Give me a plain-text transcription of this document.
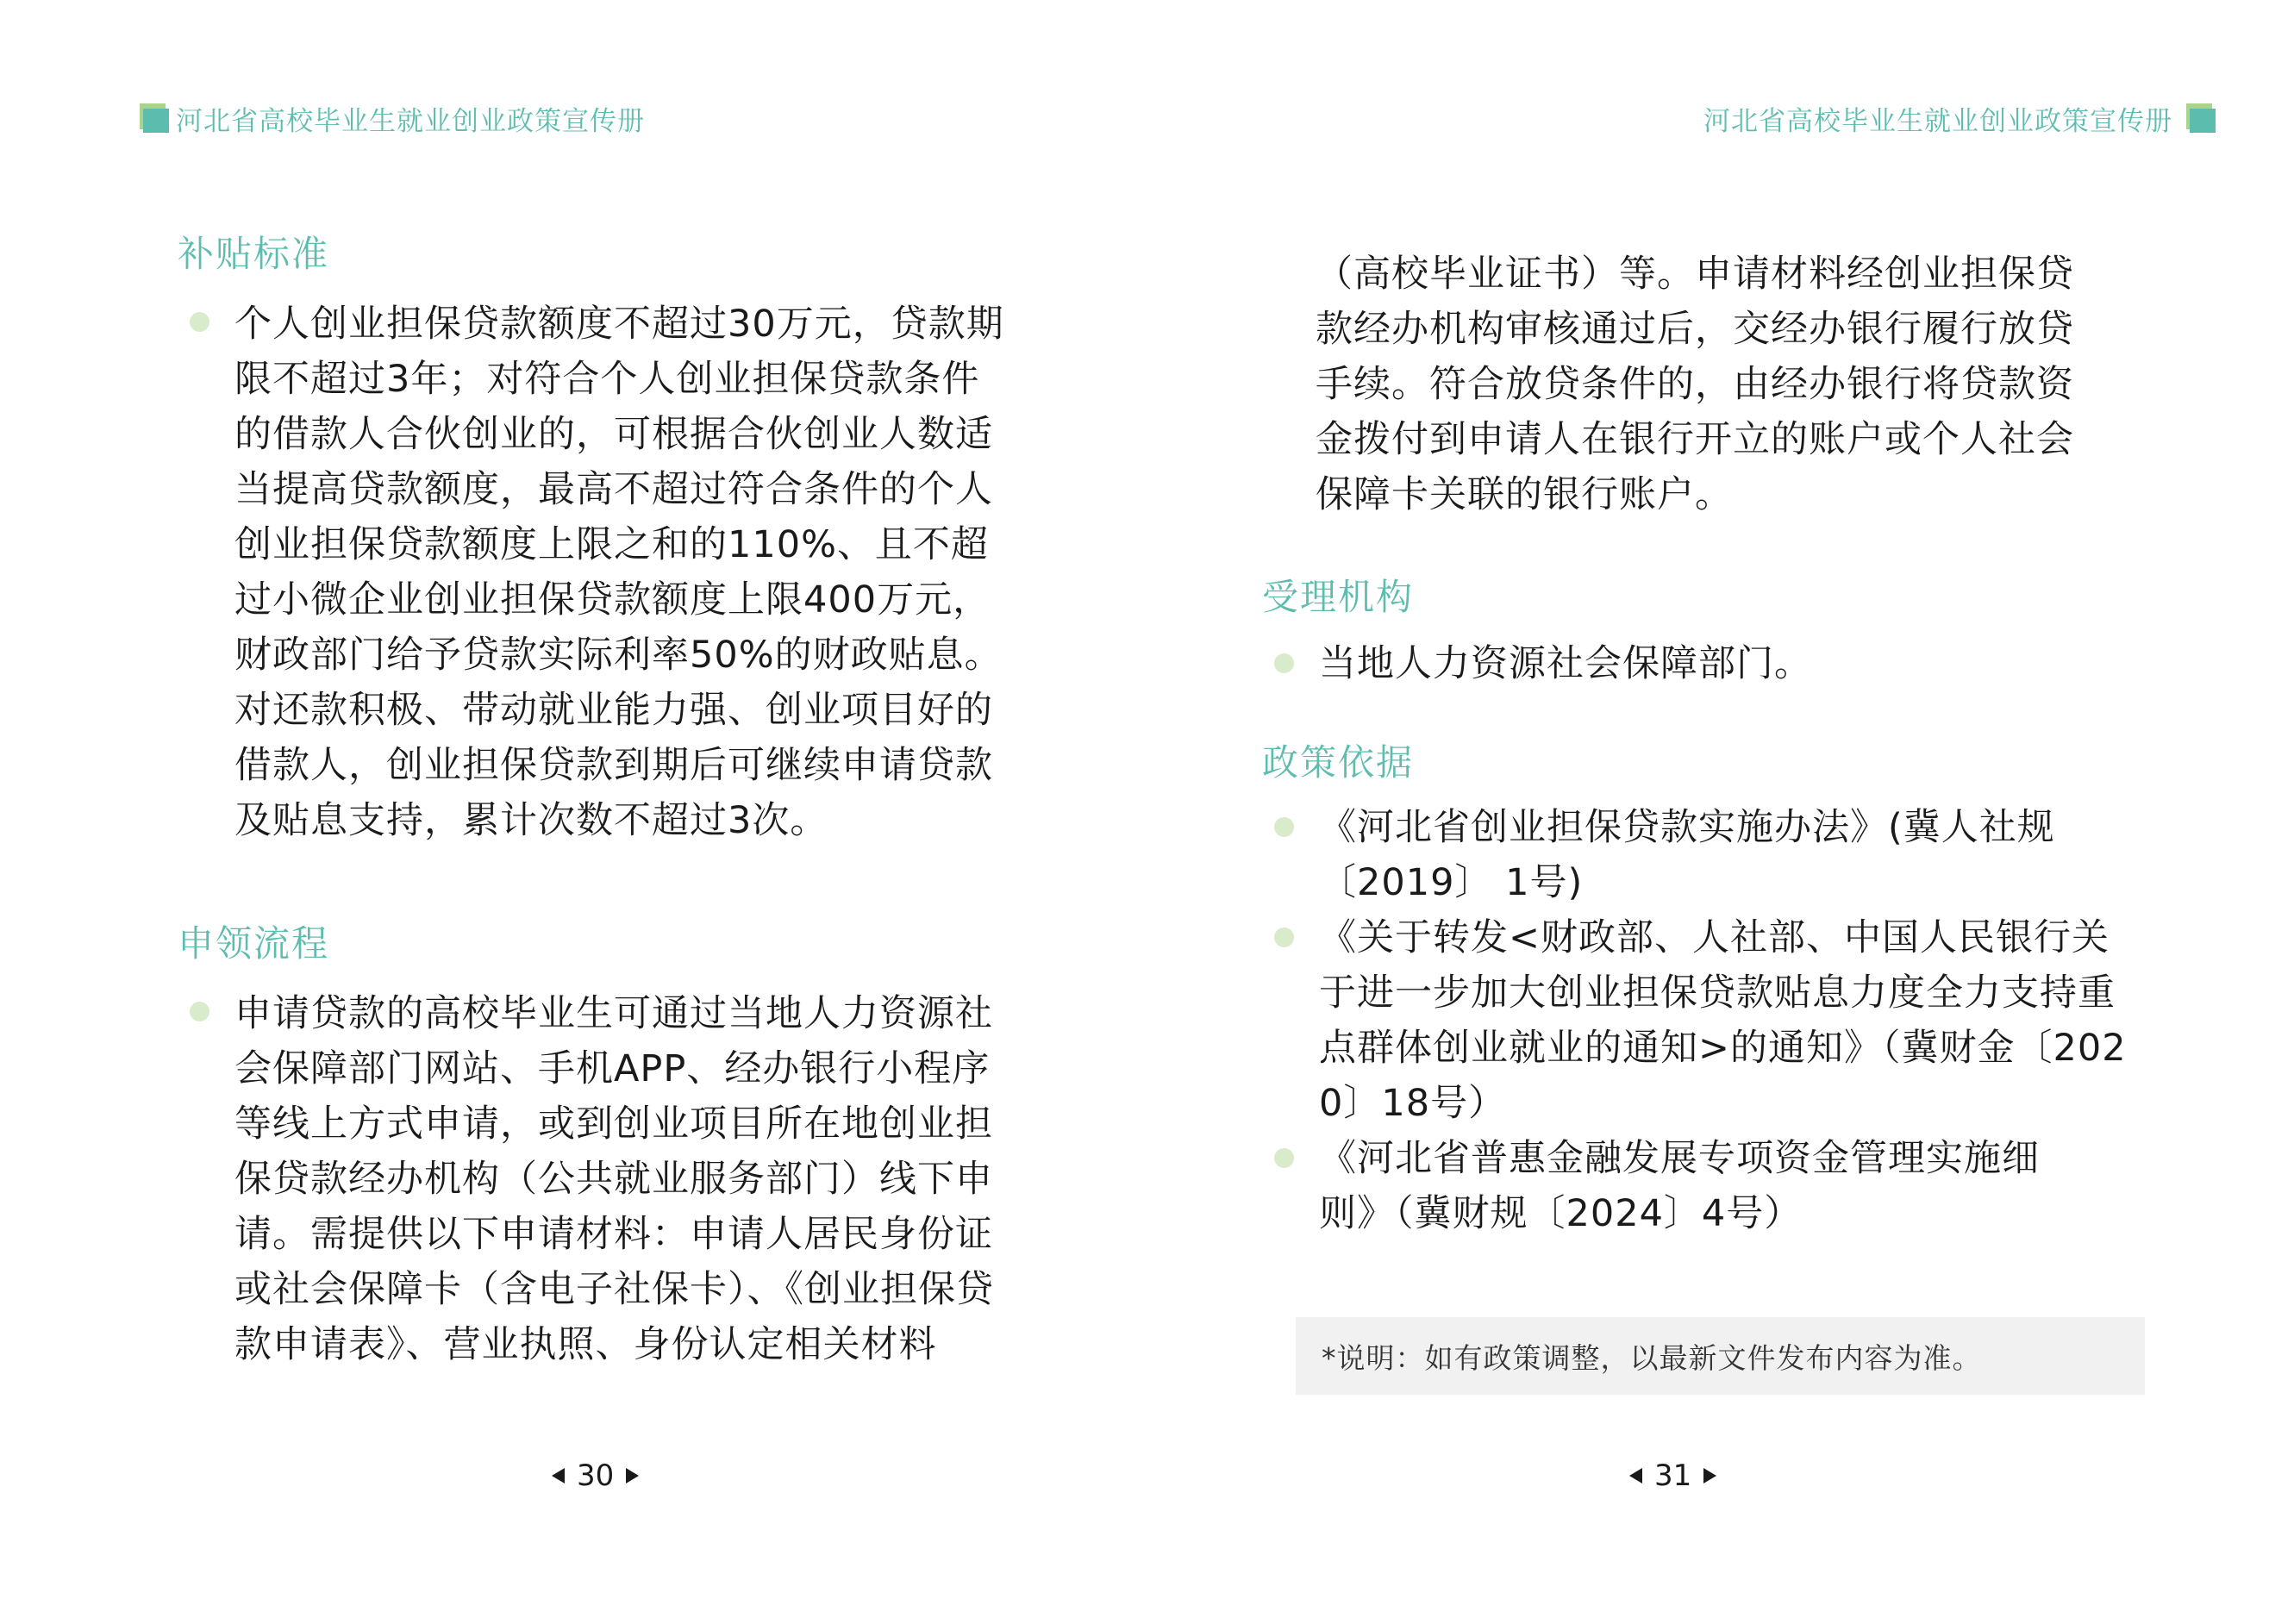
河北省高校毕业生就业创业政策宣传册
补贴标准

个人创业担保贷款额度不超过30万元，贷款期限不超过3年；对符合个人创业担保贷款条件的借款人合伙创业的，可根据合伙创业人数适当提高贷款额度，最高不超过符合条件的个人创业担保贷款额度上限之和的110%、且不超过小微企业创业担保贷款额度上限400万元，财政部门给予贷款实际利率50%的财政贴息。对还款积极、带动就业能力强、创业项目好的借款人，创业担保贷款到期后可继续申请贷款及贴息支持，累计次数不超过3次。

申领流程

申请贷款的高校毕业生可通过当地人力资源社会保障部门网站、手机APP、经办银行小程序等线上方式申请，或到创业项目所在地创业担保贷款经办机构（公共就业服务部门）线下申请。需提供以下申请材料：申请人居民身份证或社会保障卡（含电子社保卡）、《创业担保贷款申请表》、营业执照、身份认定相关材料

30
河北省高校毕业生就业创业政策宣传册

（高校毕业证书）等。申请材料经创业担保贷款经办机构审核通过后，交经办银行履行放贷手续。符合放贷条件的，由经办银行将贷款资金拨付到申请人在银行开立的账户或个人社会保障卡关联的银行账户。

受理机构

当地人力资源社会保障部门。

政策依据

《河北省创业担保贷款实施办法》(冀人社规〔2019〕 1号)

《关于转发<财政部、人社部、中国人民银行关于进一步加大创业担保贷款贴息力度全力支持重点群体创业就业的通知>的通知》（冀财金〔2020〕18号）

《河北省普惠金融发展专项资金管理实施细则》（冀财规〔2024〕4号）

*说明：如有政策调整，以最新文件发布内容为准。
31
